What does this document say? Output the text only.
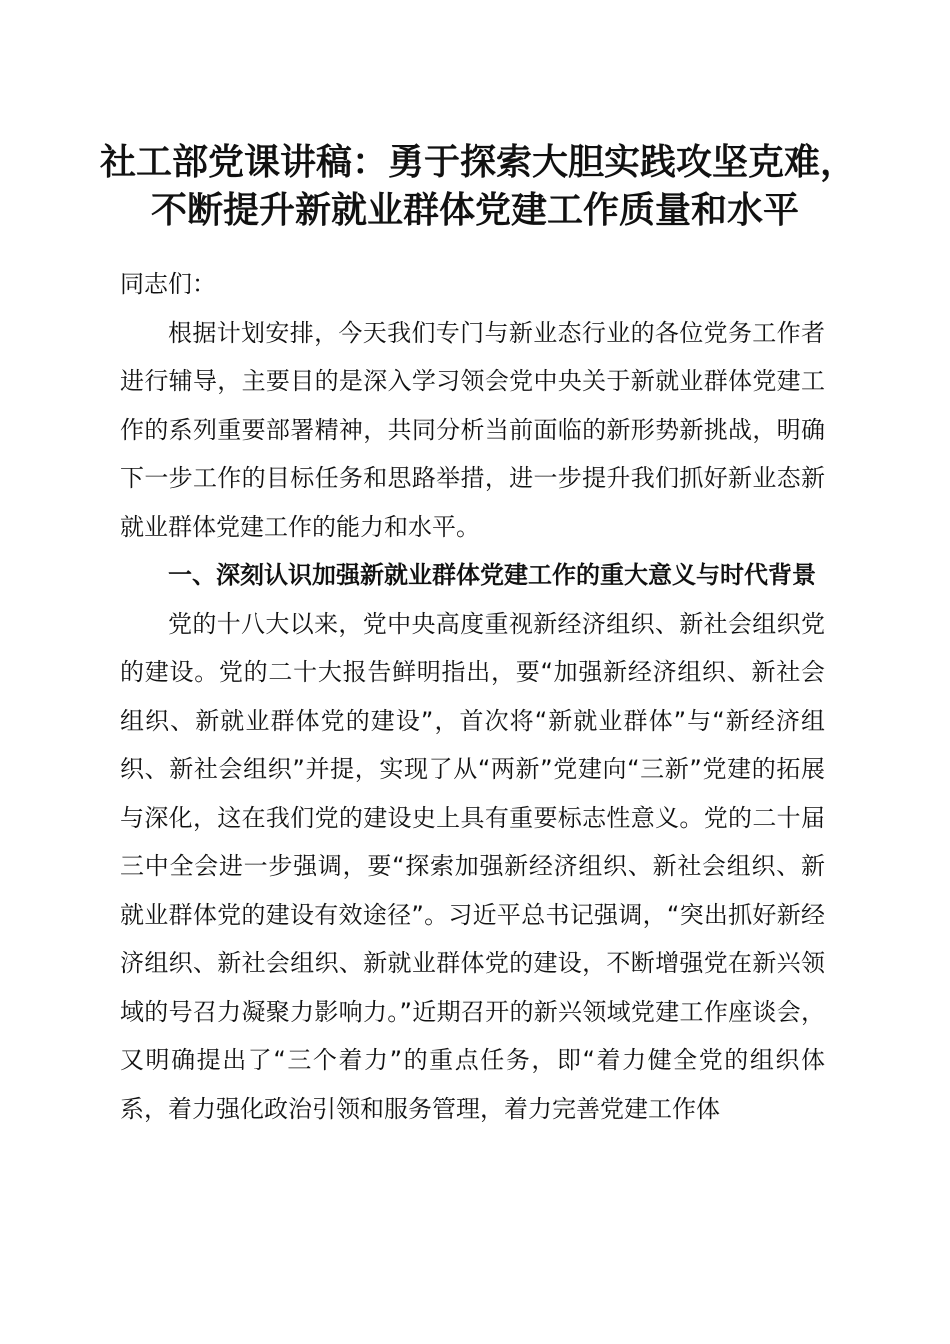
社工部党课讲稿：勇于探索大胆实践攻坚克难，
不断提升新就业群体党建工作质量和水平

同志们：

根据计划安排，今天我们专门与新业态行业的各位党务工作者进行辅导，主要目的是深入学习领会党中央关于新就业群体党建工作的系列重要部署精神，共同分析当前面临的新形势新挑战，明确下一步工作的目标任务和思路举措，进一步提升我们抓好新业态新就业群体党建工作的能力和水平。

一、深刻认识加强新就业群体党建工作的重大意义与时代背景

党的十八大以来，党中央高度重视新经济组织、新社会组织党的建设。党的二十大报告鲜明指出，要“加强新经济组织、新社会组织、新就业群体党的建设”，首次将“新就业群体”与“新经济组织、新社会组织”并提，实现了从“两新”党建向“三新”党建的拓展与深化，这在我们党的建设史上具有重要标志性意义。党的二十届三中全会进一步强调，要“探索加强新经济组织、新社会组织、新就业群体党的建设有效途径”。习近平总书记强调，“突出抓好新经济组织、新社会组织、新就业群体党的建设，不断增强党在新兴领域的号召力凝聚力影响力。”近期召开的新兴领域党建工作座谈会，又明确提出了“三个着力”的重点任务，即“着力健全党的组织体系，着力强化政治引领和服务管理，着力完善党建工作体
